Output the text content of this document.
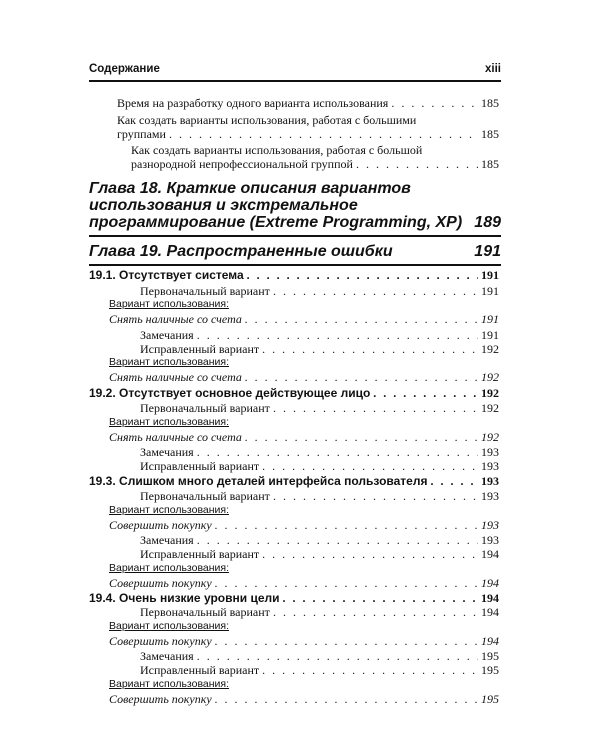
Содержание	xiii
Время на разработку одного варианта использования . . .	185
Как создать варианты использования, работая с большими
группами . . .	185
Как создать варианты использования, работая с большой
разнородной непрофессиональной группой . . .	185
Глава 18. Краткие описания вариантов
использования и экстремальное
программирование (Extreme Programming, XP) 189
Глава 19. Распространенные ошибки	191
19.1. Отсутствует система . . .	191
Первоначальный вариант . . .	191
Вариант использования:
Снять наличные со счета . . .	191
Замечания . . .	191
Исправленный вариант . . .	192
Вариант использования:
Снять наличные со счета . . .	192
19.2. Отсутствует основное действующее лицо . . .	192
Первоначальный вариант . . .	192
Вариант использования:
Снять наличные со счета . . .	192
Замечания . . .	193
Исправленный вариант . . .	193
19.3. Слишком много деталей интерфейса пользователя . . .	193
Первоначальный вариант . . .	193
Вариант использования:
Совершить покупку . . .	193
Замечания . . .	193
Исправленный вариант . . .	194
Вариант использования:
Совершить покупку . . .	194
19.4. Очень низкие уровни цели . . .	194
Первоначальный вариант . . .	194
Вариант использования:
Совершить покупку . . .	194
Замечания . . .	195
Исправленный вариант . . .	195
Вариант использования:
Совершить покупку . . .	195
